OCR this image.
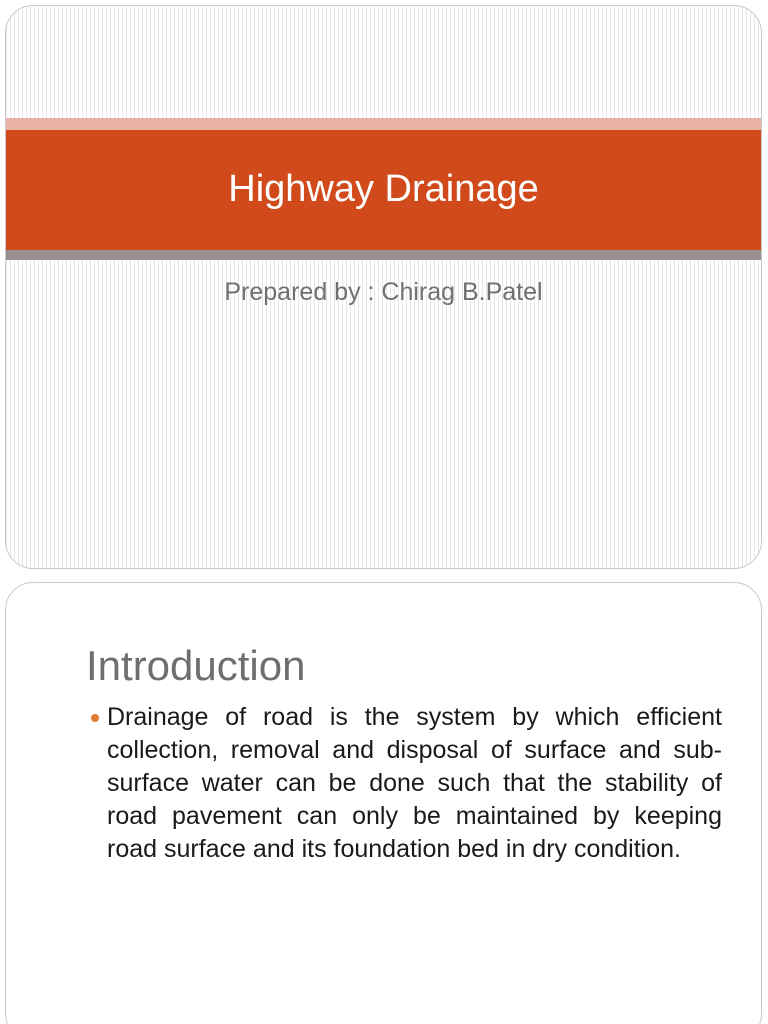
Highway Drainage
Prepared by : Chirag B.Patel
Introduction
Drainage of road is the system by which efficient collection, removal and disposal of surface and sub-surface water can be done such that the stability of road pavement can only be maintained by keeping road surface and its foundation bed in dry condition.
